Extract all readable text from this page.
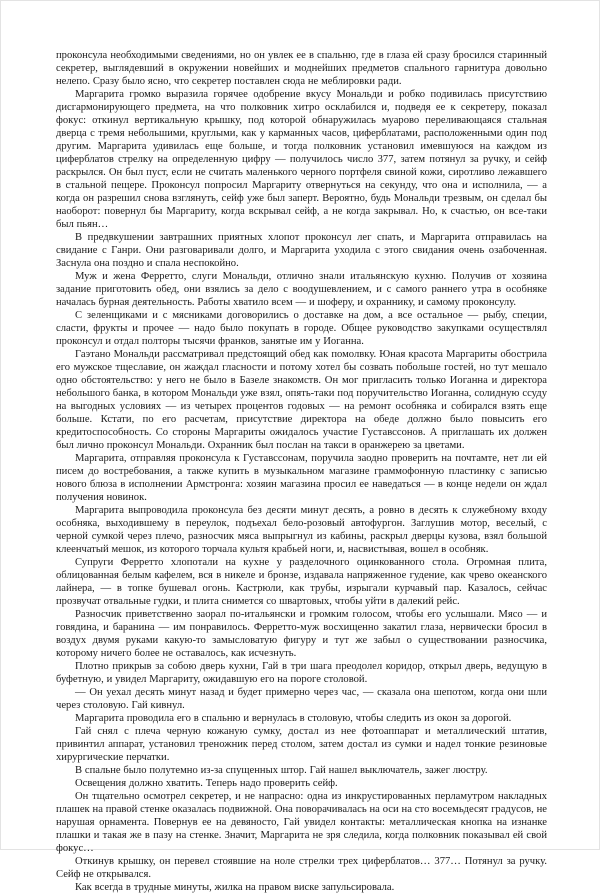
проконсула необходимыми сведениями, но он увлек ее в спальню, где в глаза ей сразу бросился старинный секретер, выглядевший в окружении новейших и моднейших предметов спального гарнитура довольно нелепо. Сразу было ясно, что секретер поставлен сюда не меблировки ради.

Маргарита громко выразила горячее одобрение вкусу Мональди и робко подивилась присутствию дисгармонирующего предмета, на что полковник хитро осклабился и, подведя ее к секретеру, показал фокус: откинул вертикальную крышку, под которой обнаружилась муарово переливающаяся стальная дверца с тремя небольшими, круглыми, как у карманных часов, циферблатами, расположенными один под другим. Маргарита удивилась еще больше, и тогда полковник установил имевшуюся на каждом из циферблатов стрелку на определенную цифру — получилось число 377, затем потянул за ручку, и сейф раскрылся. Он был пуст, если не считать маленького черного портфеля свиной кожи, сиротливо лежавшего в стальной пещере. Проконсул попросил Маргариту отвернуться на секунду, что она и исполнила, — а когда он разрешил снова взглянуть, сейф уже был заперт. Вероятно, будь Мональди трезвым, он сделал бы наоборот: повернул бы Маргариту, когда вскрывал сейф, а не когда закрывал. Но, к счастью, он все-таки был пьян…

В предвкушении завтрашних приятных хлопот проконсул лег спать, и Маргарита отправилась на свидание с Ганри. Они разговаривали долго, и Маргарита уходила с этого свидания очень озабоченная. Заснула она поздно и спала неспокойно.

Муж и жена Ферретто, слуги Мональди, отлично знали итальянскую кухню. Получив от хозяина задание приготовить обед, они взялись за дело с воодушевлением, и с самого раннего утра в особняке началась бурная деятельность. Работы хватило всем — и шоферу, и охраннику, и самому проконсулу.

С зеленщиками и с мясниками договорились о доставке на дом, а все остальное — рыбу, специи, сласти, фрукты и прочее — надо было покупать в городе. Общее руководство закупками осуществлял проконсул и отдал полторы тысячи франков, занятые им у Иоганна.

Гаэтано Мональди рассматривал предстоящий обед как помолвку. Юная красота Маргариты обострила его мужское тщеславие, он жаждал гласности и потому хотел бы созвать побольше гостей, но тут мешало одно обстоятельство: у него не было в Базеле знакомств. Он мог пригласить только Иоганна и директора небольшого банка, в котором Мональди уже взял, опять-таки под поручительство Иоганна, солидную ссуду на выгодных условиях — из четырех процентов годовых — на ремонт особняка и собирался взять еще больше. Кстати, по его расчетам, присутствие директора на обеде должно было повысить его кредитоспособность. Со стороны Маргариты ожидалось участие Густавссонов. А приглашать их должен был лично проконсул Мональди. Охранник был послан на такси в оранжерею за цветами.

Маргарита, отправляя проконсула к Густавссонам, поручила заодно проверить на почтамте, нет ли ей писем до востребования, а также купить в музыкальном магазине граммофонную пластинку с записью нового блюза в исполнении Армстронга: хозяин магазина просил ее наведаться — в конце недели он ждал получения новинок.

Маргарита выпроводила проконсула без десяти минут десять, а ровно в десять к служебному входу особняка, выходившему в переулок, подъехал бело-розовый автофургон. Заглушив мотор, веселый, с черной сумкой через плечо, разносчик мяса выпрыгнул из кабины, раскрыл дверцы кузова, взял большой клеенчатый мешок, из которого торчала культя крабьей ноги, и, насвистывая, вошел в особняк.

Супруги Ферретто хлопотали на кухне у разделочного оцинкованного стола. Огромная плита, облицованная белым кафелем, вся в никеле и бронзе, издавала напряженное гудение, как чрево океанского лайнера, — в топке бушевал огонь. Кастрюли, как трубы, изрыгали курчавый пар. Казалось, сейчас прозвучат отвальные гудки, и плита снимется со швартовых, чтобы уйти в далекий рейс.

Разносчик приветственно заорал по-итальянски и громким голосом, чтобы его услышали. Мясо — и говядина, и баранина — им понравилось. Ферретто-муж восхищенно закатил глаза, нервически бросил в воздух двумя руками какую-то замысловатую фигуру и тут же забыл о существовании разносчика, которому ничего более не оставалось, как исчезнуть.

Плотно прикрыв за собою дверь кухни, Гай в три шага преодолел коридор, открыл дверь, ведущую в буфетную, и увидел Маргариту, ожидавшую его на пороге столовой.

— Он уехал десять минут назад и будет примерно через час, — сказала она шепотом, когда они шли через столовую. Гай кивнул.

Маргарита проводила его в спальню и вернулась в столовую, чтобы следить из окон за дорогой.

Гай снял с плеча черную кожаную сумку, достал из нее фотоаппарат и металлический штатив, привинтил аппарат, установил треножник перед столом, затем достал из сумки и надел тонкие резиновые хирургические перчатки.

В спальне было полутемно из-за спущенных штор. Гай нашел выключатель, зажег люстру.

Освещения должно хватить. Теперь надо проверить сейф.

Он тщательно осмотрел секретер, и не напрасно: одна из инкрустированных перламутром накладных плашек на правой стенке оказалась подвижной. Она поворачивалась на оси на сто восемьдесят градусов, не нарушая орнамента. Повернув ее на девяносто, Гай увидел контакты: металлическая кнопка на изнанке плашки и такая же в пазу на стенке. Значит, Маргарита не зря следила, когда полковник показывал ей свой фокус…

Откинув крышку, он перевел стоявшие на ноле стрелки трех циферблатов… 377… Потянул за ручку. Сейф не открывался.

Как всегда в трудные минуты, жилка на правом виске запульсировала.
